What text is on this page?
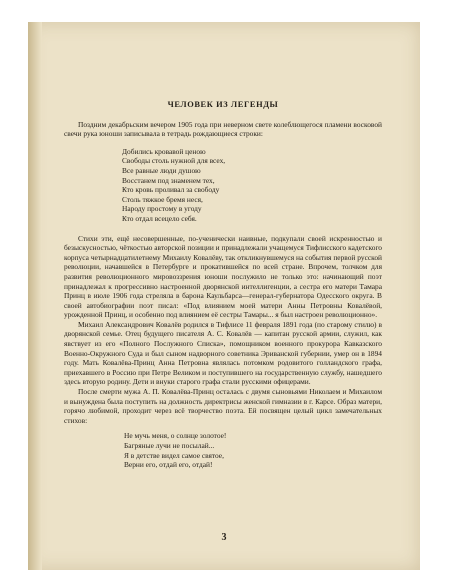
ЧЕЛОВЕК ИЗ ЛЕГЕНДЫ

Поздним декабрьским вечером 1905 года при неверном свете колеблющегося пламени восковой свечи рука юноши записывала в тетрадь рождающиеся строки:

Добились кровавой ценою
Свободы столь нужной для всех,
Все равные люди душою
Восстанем под знаменем тех,
Кто кровь проливал за свободу
Столь тяжкое бремя неся,
Народу простому в угоду
Кто отдал всецело себя.

Стихи эти, ещё несовершенные, по-ученически наивные, подкупали своей искренностью и безыскусностью, чёткостью авторской позиции и принадлежали учащемуся Тифлисского кадетского корпуса четырнадцатилетнему Михаилу Ковалёву, так откликнувшемуся на события первой русской революции, начавшейся в Петербурге и прокатившейся по всей стране. Впрочем, толчком для развития революционного мировоззрения юноши послужило не только это: начинающий поэт принадлежал к прогрессивно настроенной дворянской интеллигенции, а сестра его матери Тамара Принц в июле 1906 года стреляла в барона Каульбарса—генерал-губернатора Одесского округа. В своей автобиографии поэт писал: «Под влиянием моей матери Анны Петровны Ковалёвой, урожденной Принц, и особенно под влиянием её сестры Тамары... я был настроен революционно».

Михаил Александрович Ковалёв родился в Тифлисе 11 февраля 1891 года (по старому стилю) в дворянской семье. Отец будущего писателя А. С. Ковалёв — капитан русской армии, служил, как явствует из его «Полного Послужного Списка», помощником военного прокурора Кавказского Военно-Окружного Суда и был сыном надворного советника Эриванской губернии, умер он в 1894 году. Мать Ковалёва-Принц Анна Петровна являлась потомком родовитого голландского графа, приехавшего в Россию при Петре Великом и поступившего на государственную службу, нашедшего здесь вторую родину. Дети и внуки старого графа стали русскими офицерами.

После смерти мужа А. П. Ковалёва-Принц осталась с двумя сыновьями Николаем и Михаилом и вынуждена была поступить на должность директрисы женской гимназии в г. Карсе. Образ матери, горячо любимой, проходит через всё творчество поэта. Ей посвящен целый цикл замечательных стихов:

Не мучь меня, о солнце золотое!
Багряные лучи не посылай...
Я в детстве видел самое святое,
Верни его, отдай его, отдай!
3
